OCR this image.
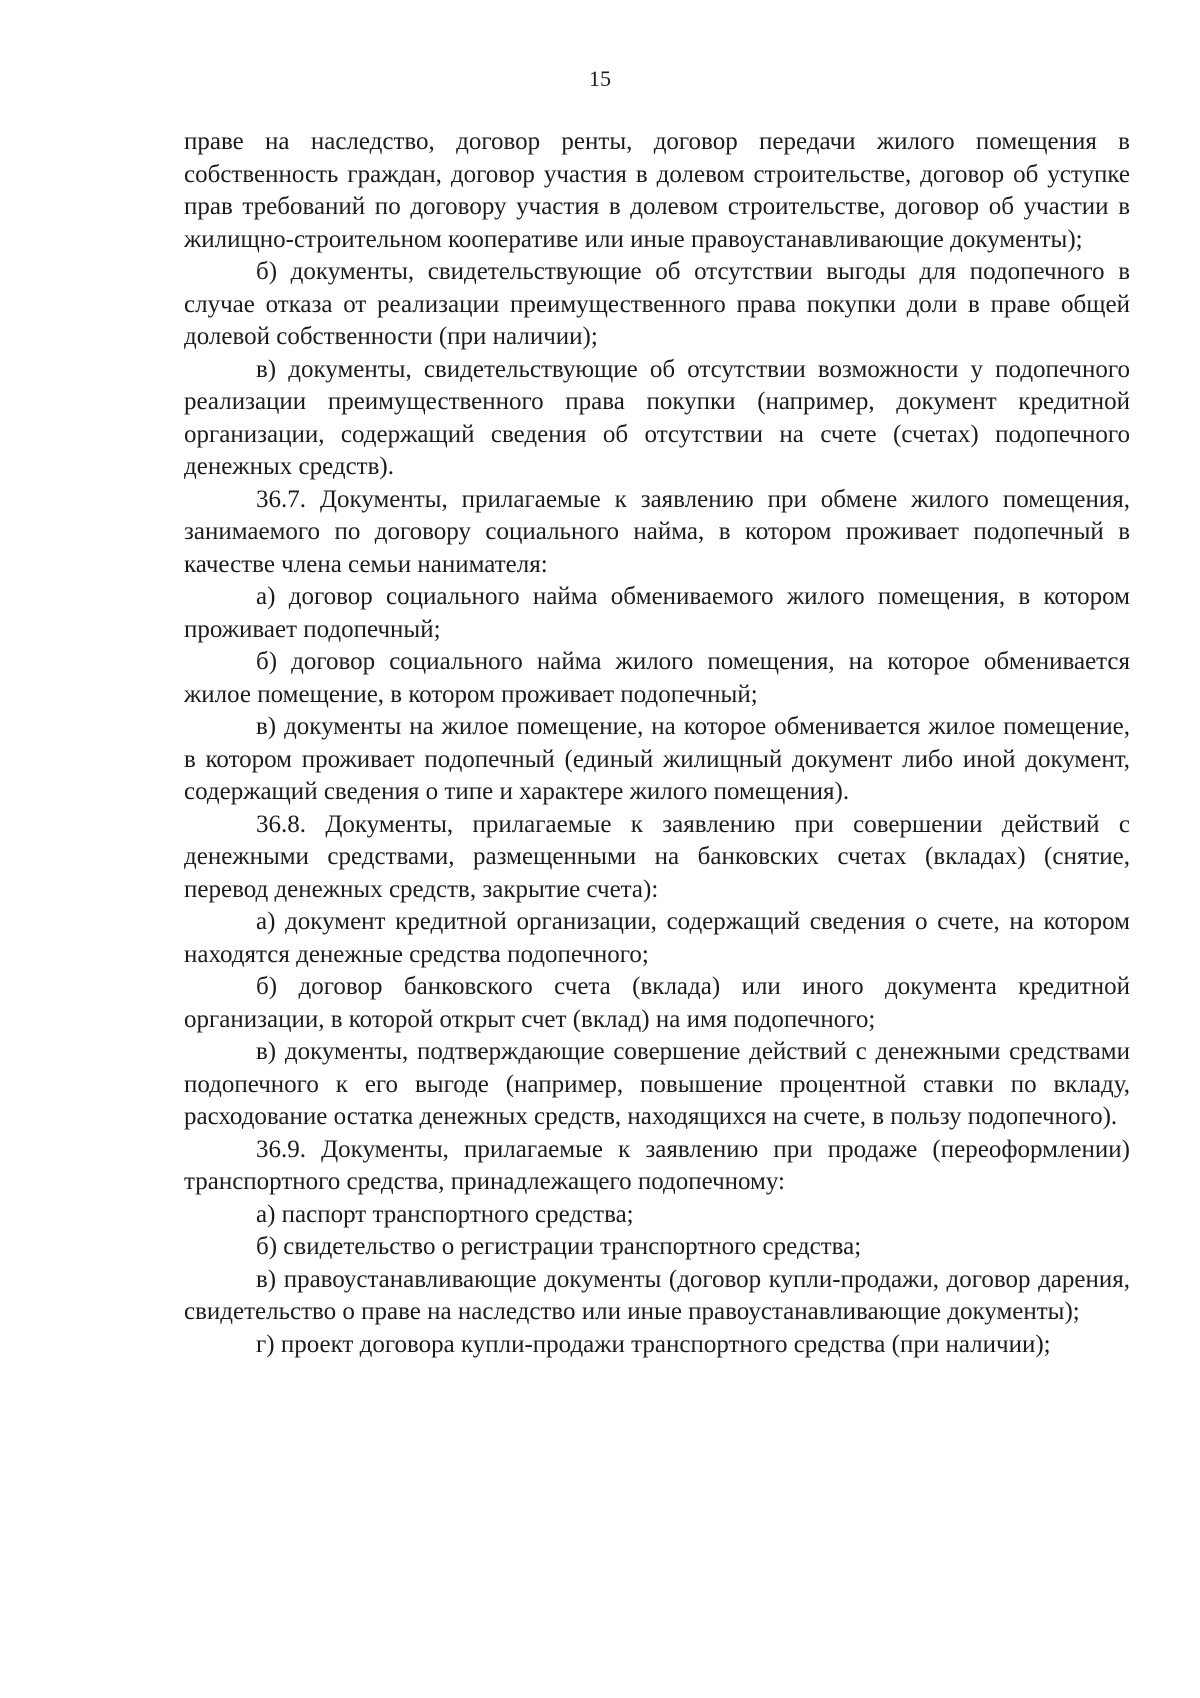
15

праве на наследство, договор ренты, договор передачи жилого помещения в собственность граждан, договор участия в долевом строительстве, договор об уступке прав требований по договору участия в долевом строительстве, договор об участии в жилищно-строительном кооперативе или иные правоустанавливающие документы);

б) документы, свидетельствующие об отсутствии выгоды для подопечного в случае отказа от реализации преимущественного права покупки доли в праве общей долевой собственности (при наличии);

в) документы, свидетельствующие об отсутствии возможности у подопечного реализации преимущественного права покупки (например, документ кредитной организации, содержащий сведения об отсутствии на счете (счетах) подопечного денежных средств).

36.7. Документы, прилагаемые к заявлению при обмене жилого помещения, занимаемого по договору социального найма, в котором проживает подопечный в качестве члена семьи нанимателя:

а) договор социального найма обмениваемого жилого помещения, в котором проживает подопечный;

б) договор социального найма жилого помещения, на которое обменивается жилое помещение, в котором проживает подопечный;

в) документы на жилое помещение, на которое обменивается жилое помещение, в котором проживает подопечный (единый жилищный документ либо иной документ, содержащий сведения о типе и характере жилого помещения).

36.8. Документы, прилагаемые к заявлению при совершении действий с денежными средствами, размещенными на банковских счетах (вкладах) (снятие, перевод денежных средств, закрытие счета):

а) документ кредитной организации, содержащий сведения о счете, на котором находятся денежные средства подопечного;

б) договор банковского счета (вклада) или иного документа кредитной организации, в которой открыт счет (вклад) на имя подопечного;

в) документы, подтверждающие совершение действий с денежными средствами подопечного к его выгоде (например, повышение процентной ставки по вкладу, расходование остатка денежных средств, находящихся на счете, в пользу подопечного).

36.9. Документы, прилагаемые к заявлению при продаже (переоформлении) транспортного средства, принадлежащего подопечному:

а) паспорт транспортного средства;

б) свидетельство о регистрации транспортного средства;

в) правоустанавливающие документы (договор купли-продажи, договор дарения, свидетельство о праве на наследство или иные правоустанавливающие документы);

г) проект договора купли-продажи транспортного средства (при наличии);
